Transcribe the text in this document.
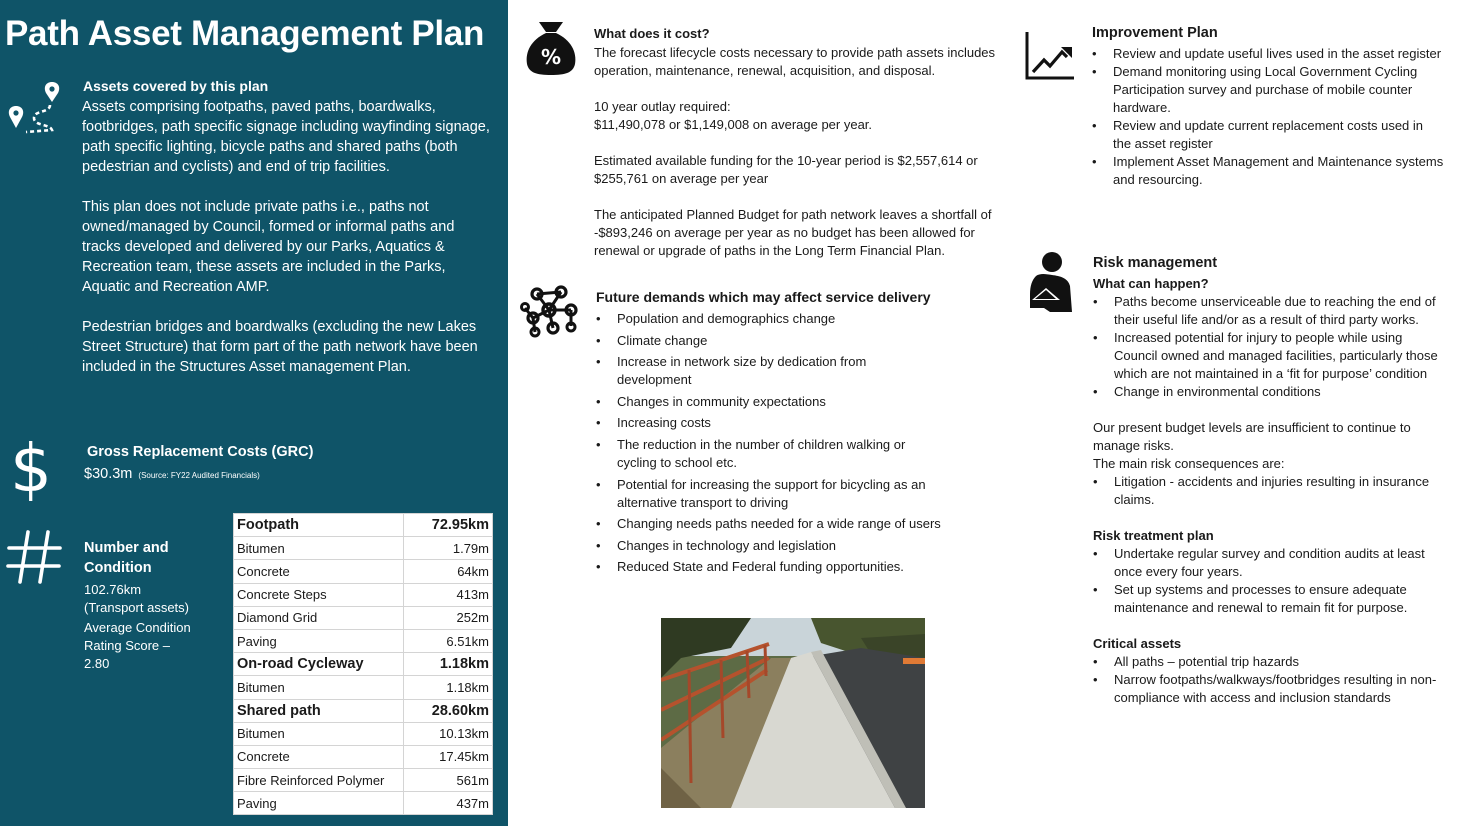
Path Asset Management Plan
Assets covered by this plan

Assets comprising footpaths, paved paths, boardwalks, footbridges, path specific signage including wayfinding signage, path specific lighting, bicycle paths and shared paths (both pedestrian and cyclists) and end of trip facilities.

This plan does not include private paths i.e., paths not owned/managed by Council, formed or informal paths and tracks developed and delivered by our Parks, Aquatics & Recreation team, these assets are included in the Parks, Aquatic and Recreation AMP.

Pedestrian bridges and boardwalks (excluding the new Lakes Street Structure) that form part of the path network have been included in the Structures Asset management Plan.

$ Gross Replacement Costs (GRC)
$30.3m (Source: FY22 Audited Financials)
Number and Condition
102.76km (Transport assets)
Average Condition Rating Score – 2.80
Footpath	72.95km
Bitumen	1.79m
Concrete	64km
Concrete Steps	413m
Diamond Grid	252m
Paving	6.51km
On-road Cycleway	1.18km
Bitumen	1.18km
Shared path	28.60km
Bitumen	10.13km
Concrete	17.45km
Fibre Reinforced Polymer	561m
Paving	437m
%
What does it cost?

The forecast lifecycle costs necessary to provide path assets includes operation, maintenance, renewal, acquisition, and disposal.

10 year outlay required:
$11,490,078 or $1,149,008 on average per year.

Estimated available funding for the 10-year period is $2,557,614 or $255,761 on average per year

The anticipated Planned Budget for path network leaves a shortfall of -$893,246 on average per year as no budget has been allowed for renewal or upgrade of paths in the Long Term Financial Plan.

Future demands which may affect service delivery
• Population and demographics change
• Climate change
• Increase in network size by dedication from development
• Changes in community expectations
• Increasing costs
• The reduction in the number of children walking or cycling to school etc.
• Potential for increasing the support for bicycling as an alternative transport to driving
• Changing needs paths needed for a wide range of users
• Changes in technology and legislation
• Reduced State and Federal funding opportunities.
Improvement Plan
• Review and update useful lives used in the asset register
• Demand monitoring using Local Government Cycling Participation survey and purchase of mobile counter hardware.
• Review and update current replacement costs used in the asset register
• Implement Asset Management and Maintenance systems and resourcing.
Risk management
What can happen?
• Paths become unserviceable due to reaching the end of their useful life and/or as a result of third party works.
• Increased potential for injury to people while using Council owned and managed facilities, particularly those which are not maintained in a ‘fit for purpose’ condition
• Change in environmental conditions
Our present budget levels are insufficient to continue to manage risks.
The main risk consequences are:
• Litigation - accidents and injuries resulting in insurance claims.
Risk treatment plan
• Undertake regular survey and condition audits at least once every four years.
• Set up systems and processes to ensure adequate maintenance and renewal to remain fit for purpose.
Critical assets
• All paths – potential trip hazards
• Narrow footpaths/walkways/footbridges resulting in non-compliance with access and inclusion standards
